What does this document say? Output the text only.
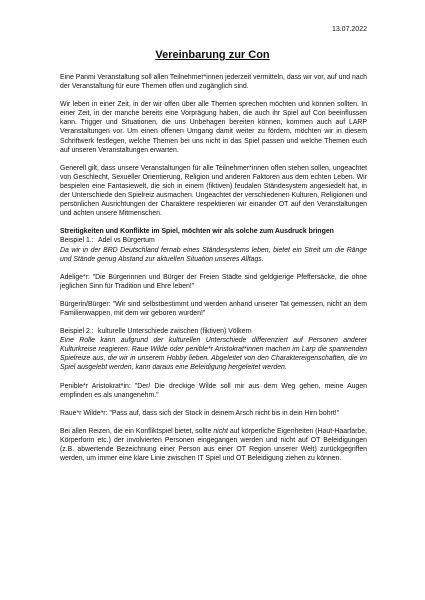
13.07.2022
Vereinbarung zur Con

Eine Panmi Veranstaltung soll allen Teilnehmer*innen jederzeit vermitteln, dass wir vor, auf und nach der Veranstaltung für eure Themen offen und zugänglich sind.

Wir leben in einer Zeit, in der wir offen über alle Themen sprechen möchten und können sollten. In einer Zeit, in der manche bereits eine Vorprägung haben, die auch ihr Spiel auf Con beeinflussen kann. Trigger und Situationen, die uns Unbehagen bereiten können, kommen auch auf LARP Veranstaltungen vor. Um einen offenen Umgang damit weiter zu fördern, möchten wir in diesem Schriftwerk festlegen, welche Themen bei uns nicht in das Spiel passen und welche Themen euch auf unseren Veranstaltungen erwarten.

Generell gilt, dass unsere Veranstaltungen für alle Teilnehmer*innen offen stehen sollen, ungeachtet von Geschlecht, Sexueller Orientierung, Religion und anderen Faktoren aus dem echten Leben. Wir bespielen eine Fantasiewelt, die sich in einem (fiktiven) feudalen Ständesystem angesiedelt hat, in der Unterschiede den Spielreiz ausmachen. Ungeachtet der verschiedenen Kulturen, Religionen und persönlichen Ausrichtungen der Charaktere respektieren wir einander OT auf den Veranstaltungen und achten unsere Mitmenschen.

Streitigkeiten und Konflikte im Spiel, möchten wir als solche zum Ausdruck bringen

Beispiel 1.: Adel vs Bürgertum

Da wir in der BRD Deutschland fernab eines Ständesystems leben, bietet ein Streit um die Ränge und Stände genug Abstand zur aktuellen Situation unseres Alltags.

Adelige*r: "Die Bürgerinnen und Bürger der Freien Städte sind geldgierige Pfeffersäcke, die ohne jeglichen Sinn für Tradition und Ehre leben!"

Bürgerin/Bürger: "Wir sind selbstbestimmt und werden anhand unserer Tat gemessen, nicht an dem Familienwappen, mit dem wir geboren wurden!"

Beispiel 2.: kulturelle Unterschiede zwischen (fiktiven) Völkern

Eine Rolle kann aufgrund der kulturellen Unterschiede differenziert auf Personen anderer Kulturkreise reagieren. Raue Wilde oder penible*r Aristokrat*innen machen im Larp die spannenden Spielreize aus, die wir in unserem Hobby lieben. Abgeleitet von den Charaktereigenschaften, die im Spiel ausgelebt werden, kann daraus eine Beleidigung hergeleitet werden.

Penible*r Aristokrat*in: "Der/ Die dreckige Wilde soll mir aus dem Weg gehen, meine Augen empfinden es als unangenehm."

Raue*r Wilde*r: "Pass auf, dass sich der Stock in deinem Arsch nicht bis in dein Hirn bohrt!"

Bei allen Reizen, die ein Konfliktspiel bietet, sollte nicht auf körperliche Eigenheiten (Haut-Haarfarbe, Körperform etc.) der involvierten Personen eingegangen werden und nicht auf OT Beleidigungen (z.B. abwertende Bezeichnung einer Person aus einer OT Region unserer Welt) zurückgegriffen werden, um immer eine klare Linie zwischen IT Spiel und OT Beleidigung ziehen zu können.
